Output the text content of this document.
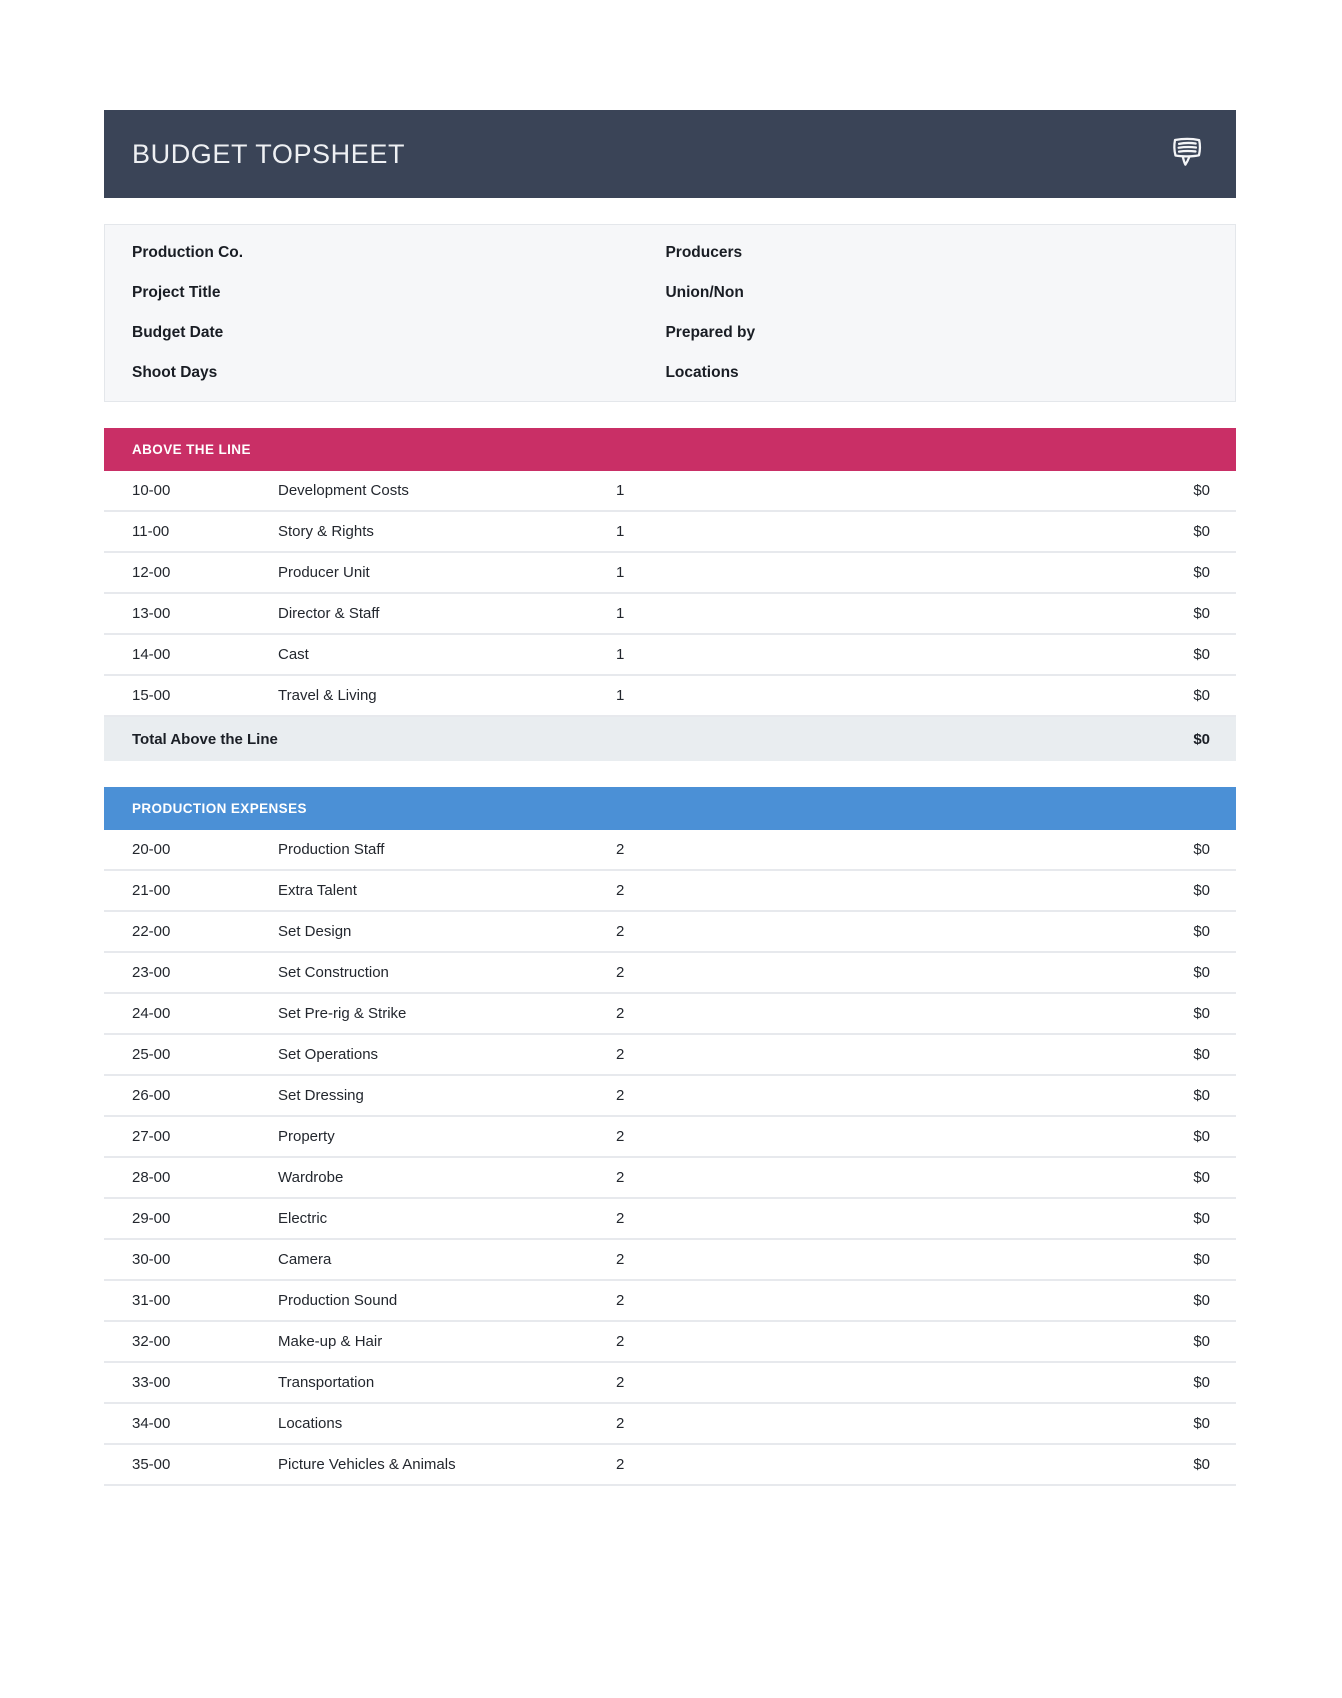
BUDGET TOPSHEET
Production Co.
Project Title
Budget Date
Shoot Days
Producers
Union/Non
Prepared by
Locations
ABOVE THE LINE
10-00	Development Costs	1	$0
11-00	Story & Rights	1	$0
12-00	Producer Unit	1	$0
13-00	Director & Staff	1	$0
14-00	Cast	1	$0
15-00	Travel & Living	1	$0
Total Above the Line	$0
PRODUCTION EXPENSES
20-00	Production Staff	2	$0
21-00	Extra Talent	2	$0
22-00	Set Design	2	$0
23-00	Set Construction	2	$0
24-00	Set Pre-rig & Strike	2	$0
25-00	Set Operations	2	$0
26-00	Set Dressing	2	$0
27-00	Property	2	$0
28-00	Wardrobe	2	$0
29-00	Electric	2	$0
30-00	Camera	2	$0
31-00	Production Sound	2	$0
32-00	Make-up & Hair	2	$0
33-00	Transportation	2	$0
34-00	Locations	2	$0
35-00	Picture Vehicles & Animals	2	$0
